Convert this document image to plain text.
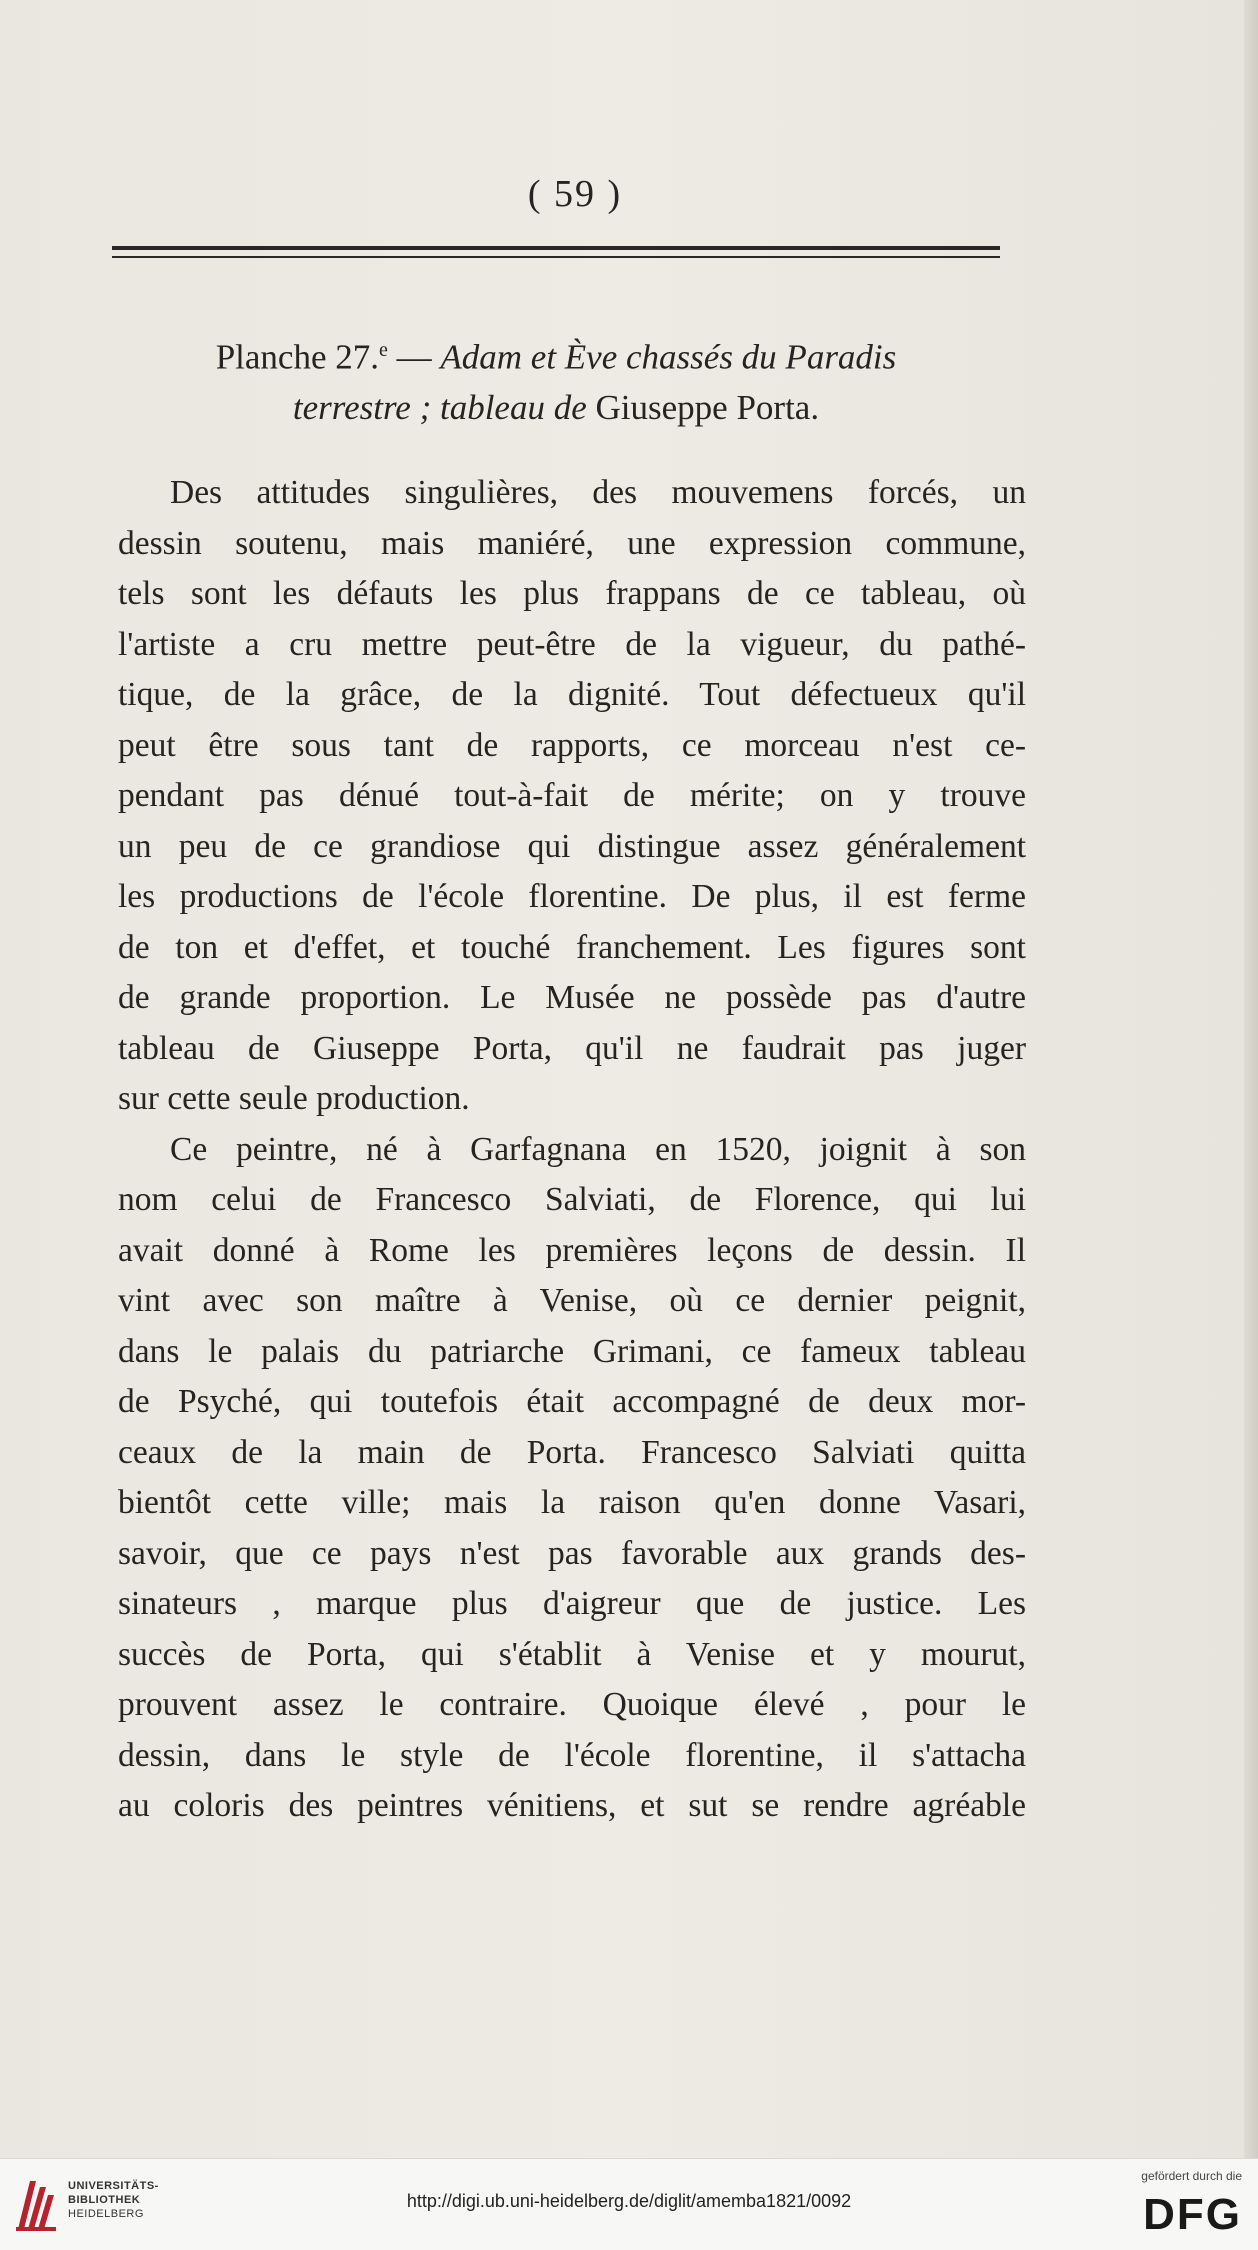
( 59 )
Planche 27.$^e$ — Adam et Ève chassés du Paradis
terrestre ; tableau de Giuseppe Porta.
Des attitudes singulières, des mouvemens forcés, un
dessin soutenu, mais maniéré, une expression commune,
tels sont les défauts les plus frappans de ce tableau, où
l'artiste a cru mettre peut-être de la vigueur, du pathé-
tique, de la grâce, de la dignité. Tout défectueux qu'il
peut être sous tant de rapports, ce morceau n'est ce-
pendant pas dénué tout-à-fait de mérite; on y trouve
un peu de ce grandiose qui distingue assez généralement
les productions de l'école florentine. De plus, il est ferme
de ton et d'effet, et touché franchement. Les figures sont
de grande proportion. Le Musée ne possède pas d'autre
tableau de Giuseppe Porta, qu'il ne faudrait pas juger
sur cette seule production.
Ce peintre, né à Garfagnana en 1520, joignit à son
nom celui de Francesco Salviati, de Florence, qui lui
avait donné à Rome les premières leçons de dessin. Il
vint avec son maître à Venise, où ce dernier peignit,
dans le palais du patriarche Grimani, ce fameux tableau
de Psyché, qui toutefois était accompagné de deux mor-
ceaux de la main de Porta. Francesco Salviati quitta
bientôt cette ville; mais la raison qu'en donne Vasari,
savoir, que ce pays n'est pas favorable aux grands des-
sinateurs , marque plus d'aigreur que de justice. Les
succès de Porta, qui s'établit à Venise et y mourut,
prouvent assez le contraire. Quoique élevé , pour le
dessin, dans le style de l'école florentine, il s'attacha
au coloris des peintres vénitiens, et sut se rendre agréable
UNIVERSITÄTS-
BIBLIOTHEK
HEIDELBERG
http://digi.ub.uni-heidelberg.de/diglit/amemba1821/0092
gefördert durch die
DFG
